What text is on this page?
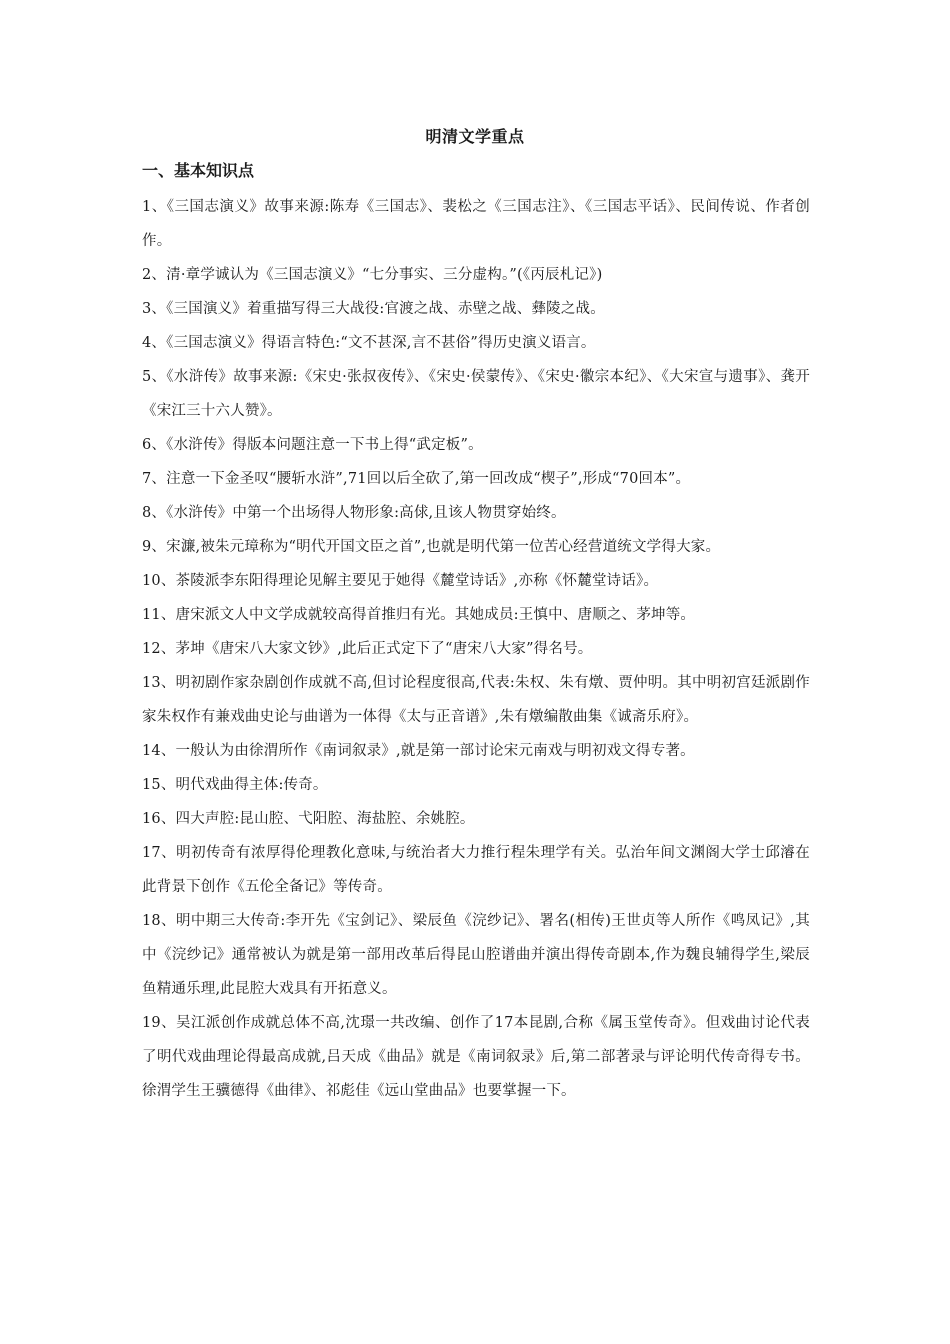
明清文学重点
一、基本知识点
1、《三国志演义》故事来源:陈寿《三国志》、裴松之《三国志注》、《三国志平话》、民间传说、作者创作。
2、清·章学诚认为《三国志演义》“七分事实、三分虚构。”(《丙辰札记》)
3、《三国演义》着重描写得三大战役:官渡之战、赤壁之战、彝陵之战。
4、《三国志演义》得语言特色:“文不甚深,言不甚俗”得历史演义语言。
5、《水浒传》故事来源:《宋史·张叔夜传》、《宋史·侯蒙传》、《宋史·徽宗本纪》、《大宋宣与遗事》、龚开《宋江三十六人赞》。
6、《水浒传》得版本问题注意一下书上得“武定板”。
7、注意一下金圣叹“腰斩水浒”,71回以后全砍了,第一回改成“楔子”,形成“70回本”。
8、《水浒传》中第一个出场得人物形象:高俅,且该人物贯穿始终。
9、宋濂,被朱元璋称为“明代开国文臣之首”,也就是明代第一位苦心经营道统文学得大家。
10、茶陵派李东阳得理论见解主要见于她得《麓堂诗话》,亦称《怀麓堂诗话》。
11、唐宋派文人中文学成就较高得首推归有光。其她成员:王慎中、唐顺之、茅坤等。
12、茅坤《唐宋八大家文钞》,此后正式定下了“唐宋八大家”得名号。
13、明初剧作家杂剧创作成就不高,但讨论程度很高,代表:朱权、朱有燉、贾仲明。其中明初宫廷派剧作家朱权作有兼戏曲史论与曲谱为一体得《太与正音谱》,朱有燉编散曲集《诚斋乐府》。
14、一般认为由徐渭所作《南词叙录》,就是第一部讨论宋元南戏与明初戏文得专著。
15、明代戏曲得主体:传奇。
16、四大声腔:昆山腔、弋阳腔、海盐腔、余姚腔。
17、明初传奇有浓厚得伦理教化意味,与统治者大力推行程朱理学有关。弘治年间文渊阁大学士邱濬在此背景下创作《五伦全备记》等传奇。
18、明中期三大传奇:李开先《宝剑记》、梁辰鱼《浣纱记》、署名(相传)王世贞等人所作《鸣凤记》,其中《浣纱记》通常被认为就是第一部用改革后得昆山腔谱曲并演出得传奇剧本,作为魏良辅得学生,梁辰鱼精通乐理,此昆腔大戏具有开拓意义。
19、吴江派创作成就总体不高,沈璟一共改编、创作了17本昆剧,合称《属玉堂传奇》。但戏曲讨论代表了明代戏曲理论得最高成就,吕天成《曲品》就是《南词叙录》后,第二部著录与评论明代传奇得专书。徐渭学生王骥德得《曲律》、祁彪佳《远山堂曲品》也要掌握一下。
